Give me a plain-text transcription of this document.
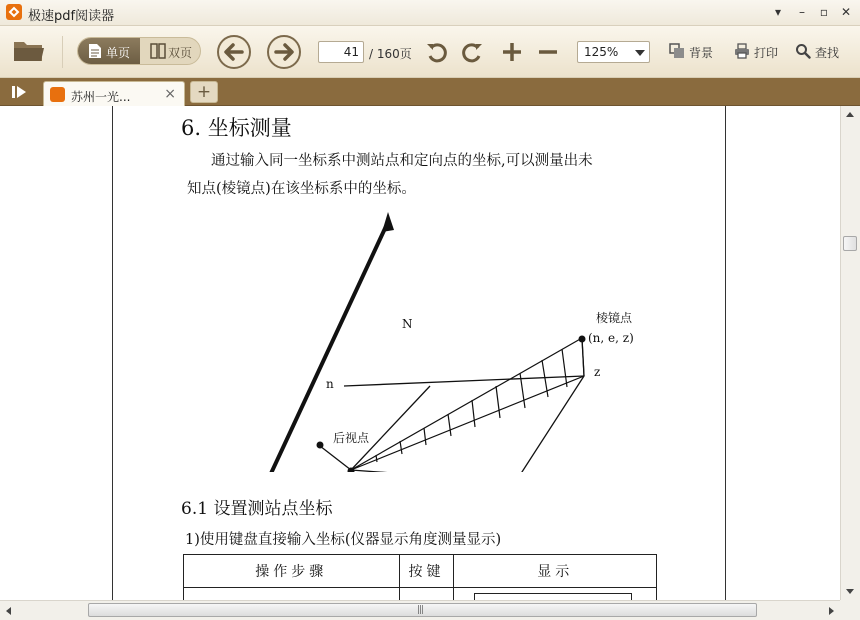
极速pdf阅读器	▾	–	▫	✕
单页	双页
41	/ 160页	125%	背景	打印	查找
苏州一光... ×	+
6. 坐标测量
通过输入同一坐标系中测站点和定向点的坐标,可以测量出未
知点(棱镜点)在该坐标系中的坐标。
N	棱镜点
(n, e, z)
z
n
后视点
6.1 设置测站点坐标
1)使用键盘直接输入坐标(仪器显示角度测量显示)
操作步骤	按键	显示

|||
